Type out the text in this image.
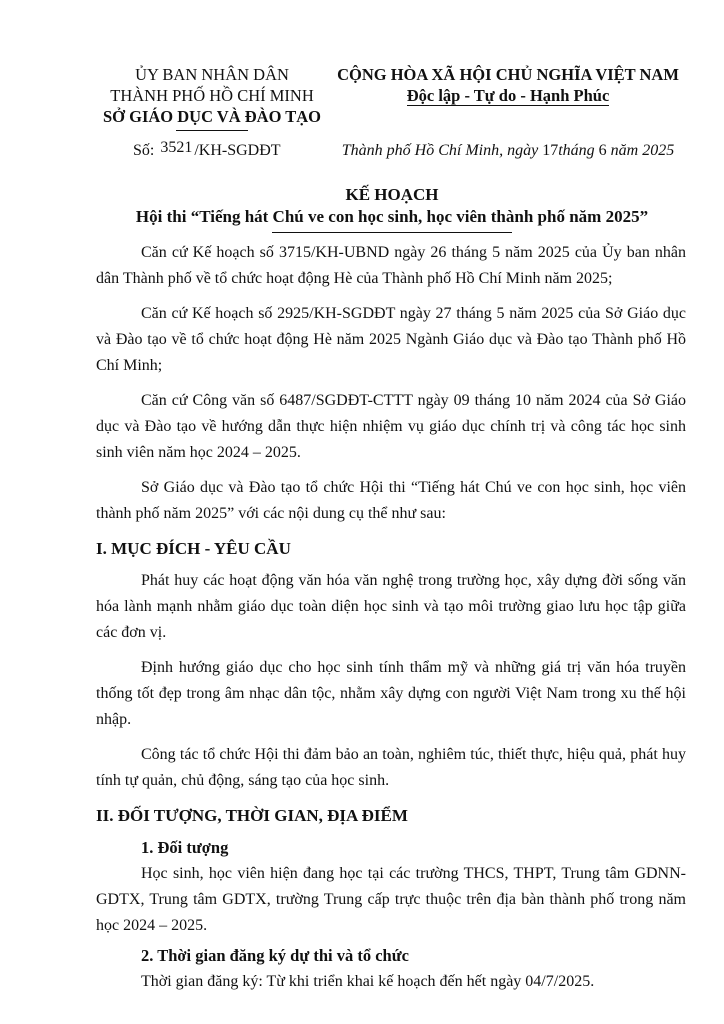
ỦY BAN NHÂN DÂN
THÀNH PHỐ HỒ CHÍ MINH
SỞ GIÁO DỤC VÀ ĐÀO TẠO
CỘNG HÒA XÃ HỘI CHỦ NGHĨA VIỆT NAM
Độc lập - Tự do - Hạnh Phúc
Số: 3521 /KH-SGDĐT	Thành phố Hồ Chí Minh, ngày 17tháng 6 năm 2025
KẾ HOẠCH
Hội thi “Tiếng hát Chú ve con học sinh, học viên thành phố năm 2025”

Căn cứ Kế hoạch số 3715/KH-UBND ngày 26 tháng 5 năm 2025 của Ủy ban nhân dân Thành phố về tổ chức hoạt động Hè của Thành phố Hồ Chí Minh năm 2025;

Căn cứ Kế hoạch số 2925/KH-SGDĐT ngày 27 tháng 5 năm 2025 của Sở Giáo dục và Đào tạo về tổ chức hoạt động Hè năm 2025 Ngành Giáo dục và Đào tạo Thành phố Hồ Chí Minh;

Căn cứ Công văn số 6487/SGDĐT-CTTT ngày 09 tháng 10 năm 2024 của Sở Giáo dục và Đào tạo về hướng dẫn thực hiện nhiệm vụ giáo dục chính trị và công tác học sinh sinh viên năm học 2024 – 2025.

Sở Giáo dục và Đào tạo tổ chức Hội thi “Tiếng hát Chú ve con học sinh, học viên thành phố năm 2025” với các nội dung cụ thể như sau:

I. MỤC ĐÍCH - YÊU CẦU

Phát huy các hoạt động văn hóa văn nghệ trong trường học, xây dựng đời sống văn hóa lành mạnh nhằm giáo dục toàn diện học sinh và tạo môi trường giao lưu học tập giữa các đơn vị.

Định hướng giáo dục cho học sinh tính thẩm mỹ và những giá trị văn hóa truyền thống tốt đẹp trong âm nhạc dân tộc, nhằm xây dựng con người Việt Nam trong xu thế hội nhập.

Công tác tổ chức Hội thi đảm bảo an toàn, nghiêm túc, thiết thực, hiệu quả, phát huy tính tự quản, chủ động, sáng tạo của học sinh.

II. ĐỐI TƯỢNG, THỜI GIAN, ĐỊA ĐIỂM
1. Đối tượng

Học sinh, học viên hiện đang học tại các trường THCS, THPT, Trung tâm GDNN-GDTX, Trung tâm GDTX, trường Trung cấp trực thuộc trên địa bàn thành phố trong năm học 2024 – 2025.

2. Thời gian đăng ký dự thi và tổ chức

Thời gian đăng ký: Từ khi triển khai kế hoạch đến hết ngày 04/7/2025.
